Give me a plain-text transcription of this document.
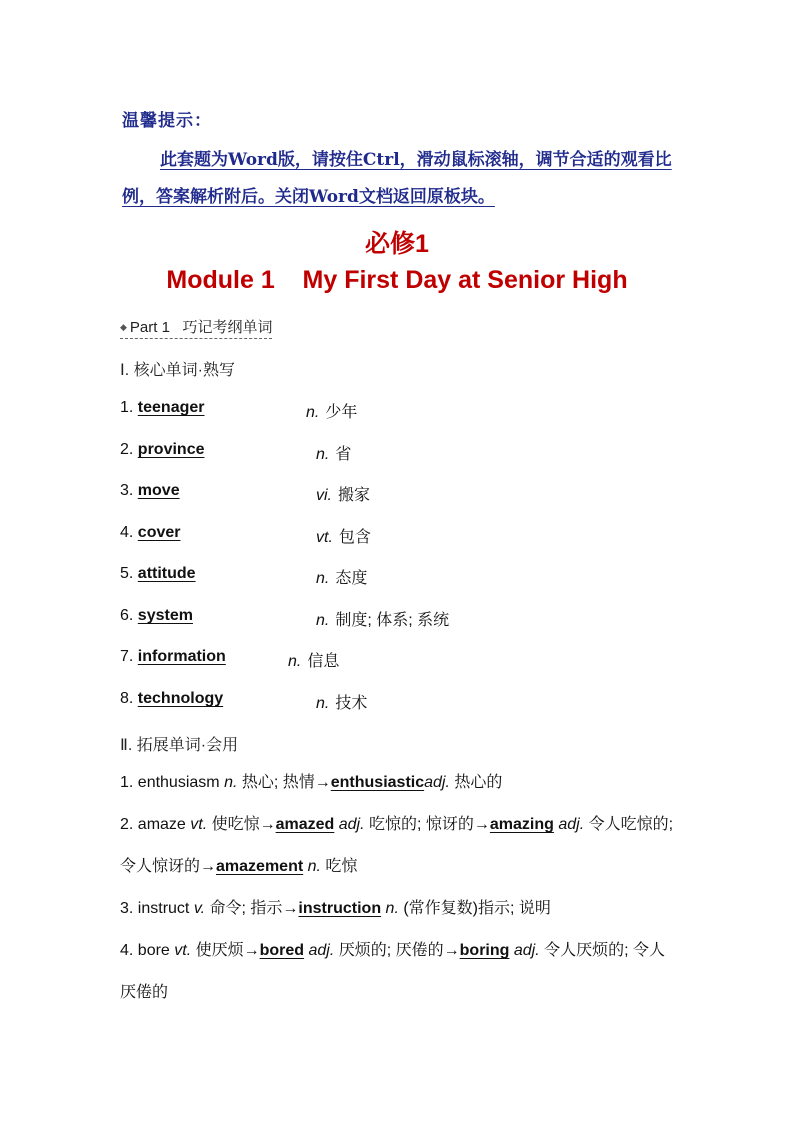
温馨提示：
此套题为Word版，请按住Ctrl，滑动鼠标滚轴，调节合适的观看比例，答案解析附后。关闭Word文档返回原板块。
必修1
Module 1    My First Day at Senior High
◆ Part 1   巧记考纲单词
Ⅰ. 核心单词·熟写
1. teenager	n. 少年
2. province	n. 省
3. move	vi. 搬家
4. cover	vt. 包含
5. attitude	n. 态度
6. system	n. 制度; 体系; 系统
7. information	n. 信息
8. technology	n. 技术
Ⅱ. 拓展单词·会用
1. enthusiasm n. 热心; 热情→enthusiasticadj. 热心的
2. amaze vt. 使吃惊→amazed adj. 吃惊的; 惊讶的→amazing adj. 令人吃惊的; 令人惊讶的→amazement n. 吃惊
3. instruct v. 命令; 指示→instruction n. (常作复数)指示; 说明
4. bore vt. 使厌烦→bored adj. 厌烦的; 厌倦的→boring adj. 令人厌烦的; 令人厌倦的
